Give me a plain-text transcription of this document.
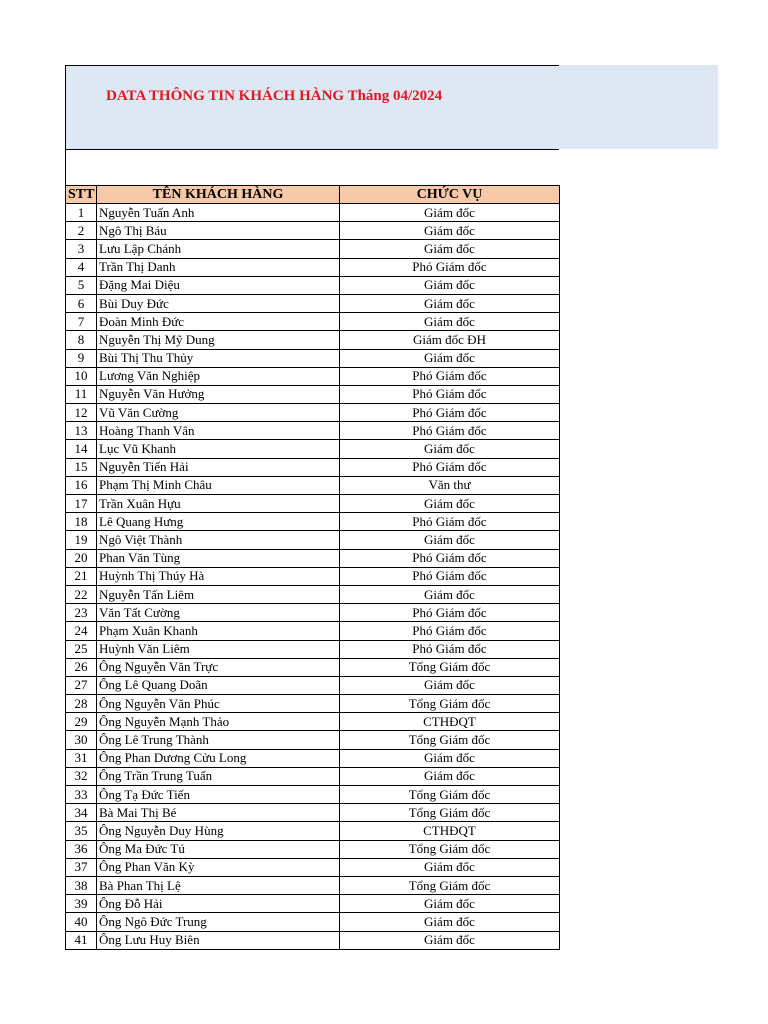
DATA THÔNG TIN KHÁCH HÀNG Tháng 04/2024
STT	TÊN KHÁCH HÀNG	CHỨC VỤ
1	Nguyễn Tuấn Anh	Giám đốc
2	Ngô Thị Báu	Giám đốc
3	Lưu Lập Chánh	Giám đốc
4	Trần Thị Danh	Phó Giám đốc
5	Đặng Mai Diệu	Giám đốc
6	Bùi Duy Đức	Giám đốc
7	Đoàn Minh Đức	Giám đốc
8	Nguyễn Thị Mỹ Dung	Giám đốc ĐH
9	Bùi Thị Thu Thủy	Giám đốc
10	Lương Văn Nghiệp	Phó Giám đốc
11	Nguyễn Văn Hưởng	Phó Giám đốc
12	Vũ Văn Cường	Phó Giám đốc
13	Hoàng Thanh Vân	Phó Giám đốc
14	Lục Vũ Khanh	Giám đốc
15	Nguyễn Tiến Hải	Phó Giám đốc
16	Phạm Thị Minh Châu	Văn thư
17	Trần Xuân Hựu	Giám đốc
18	Lê Quang Hưng	Phó Giám đốc
19	Ngô Việt Thành	Giám đốc
20	Phan Văn Tùng	Phó Giám đốc
21	Huỳnh Thị Thúy Hà	Phó Giám đốc
22	Nguyễn Tấn Liêm	Giám đốc
23	Văn Tất Cường	Phó Giám đốc
24	Phạm Xuân Khanh	Phó Giám đốc
25	Huỳnh Văn Liêm	Phó Giám đốc
26	Ông Nguyễn Văn Trực	Tổng Giám đốc
27	Ông Lê Quang Doãn	Giám đốc
28	Ông Nguyễn Văn Phúc	Tổng Giám đốc
29	Ông Nguyễn Mạnh Thảo	CTHĐQT
30	Ông Lê Trung Thành	Tổng Giám đốc
31	Ông Phan Dương Cửu Long	Giám đốc
32	Ông Trần Trung Tuấn	Giám đốc
33	Ông Tạ Đức Tiến	Tổng Giám đốc
34	Bà Mai Thị Bé	Tổng Giám đốc
35	Ông Nguyễn Duy Hùng	CTHĐQT
36	Ông Ma Đức Tú	Tổng Giám đốc
37	Ông Phan Văn Kỳ	Giám đốc
38	Bà Phan Thị Lệ	Tổng Giám đốc
39	Ông Đỗ Hải	Giám đốc
40	Ông Ngô Đức Trung	Giám đốc
41	Ông Lưu Huy Biên	Giám đốc
